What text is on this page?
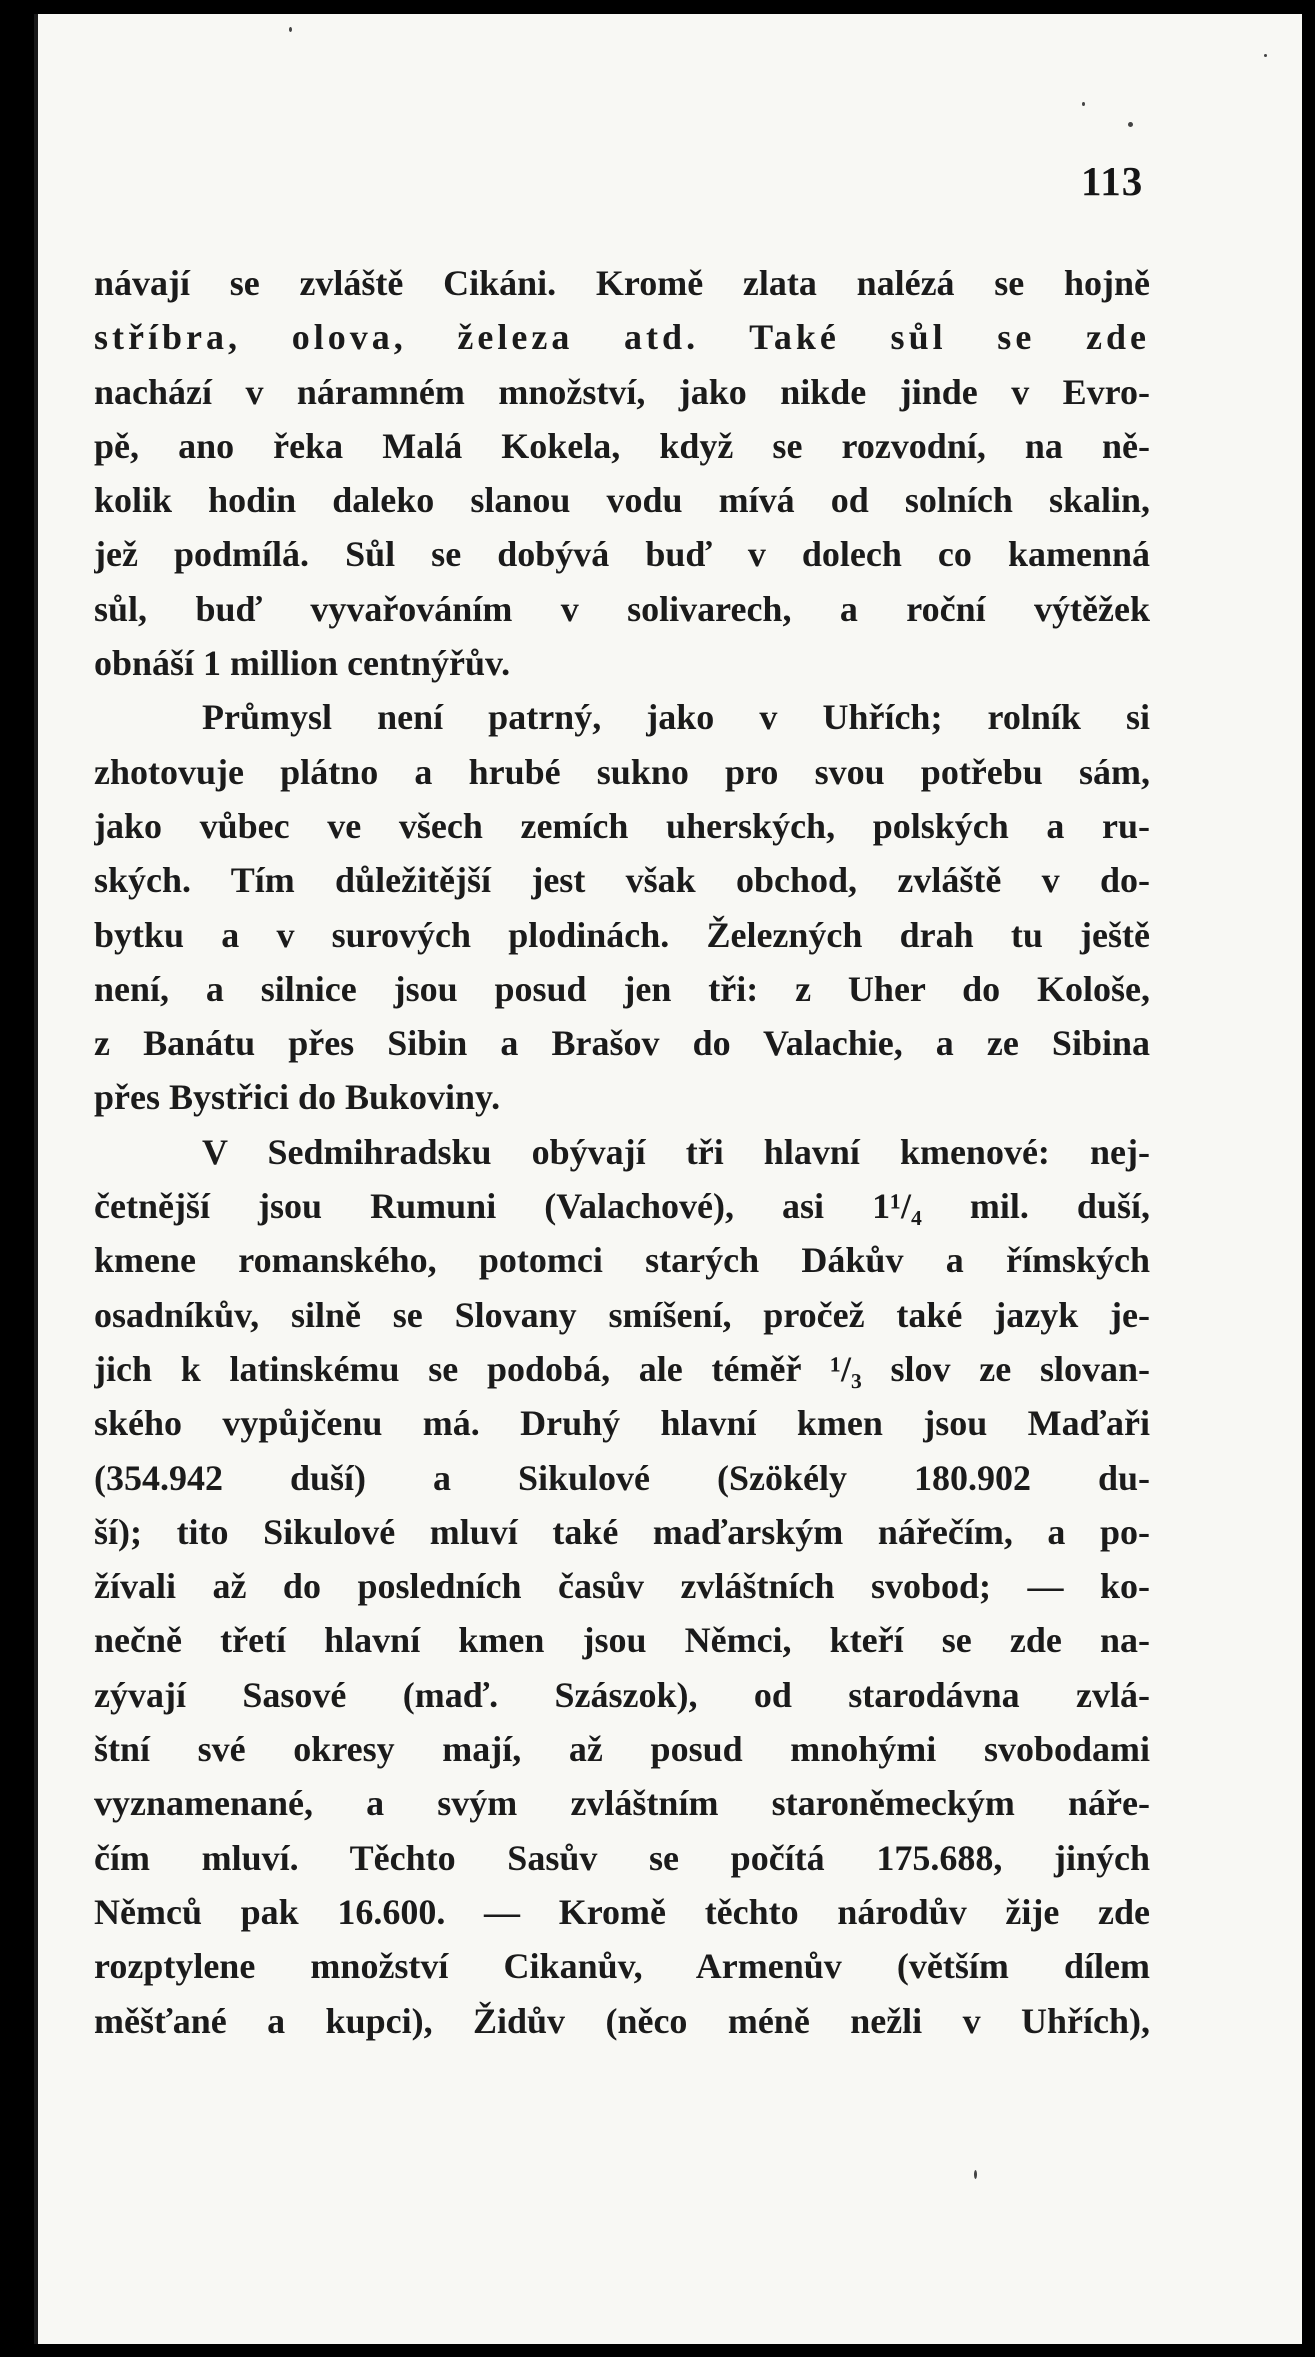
113
návají se zvláště Cikáni. Kromě zlata nalézá se hojně
stříbra, olova, železa atd. Také sůl se zde
nachází v náramném množství, jako nikde jinde v Evro-
pě, ano řeka Malá Kokela, když se rozvodní, na ně-
kolik hodin daleko slanou vodu mívá od solních skalin,
jež podmílá. Sůl se dobývá buď v dolech co kamenná
sůl, buď vyvařováním v solivarech, a roční výtěžek
obnáší 1 million centnýřův.
Průmysl není patrný, jako v Uhřích; rolník si
zhotovuje plátno a hrubé sukno pro svou potřebu sám,
jako vůbec ve všech zemích uherských, polských a ru-
ských. Tím důležitější jest však obchod, zvláště v do-
bytku a v surových plodinách. Železných drah tu ještě
není, a silnice jsou posud jen tři: z Uher do Kološe,
z Banátu přes Sibin a Brašov do Valachie, a ze Sibina
přes Bystřici do Bukoviny.
V Sedmihradsku obývají tři hlavní kmenové: nej-
četnější jsou Rumuni (Valachové), asi 1¹/₄ mil. duší,
kmene romanského, potomci starých Dákův a římských
osadníkův, silně se Slovany smíšení, pročež také jazyk je-
jich k latinskému se podobá, ale téměř ¹/₃ slov ze slovan-
ského vypůjčenu má. Druhý hlavní kmen jsou Maďaři
(354.942 duší) a Sikulové (Szökély 180.902 du-
ší); tito Sikulové mluví také maďarským nářečím, a po-
žívali až do posledních časův zvláštních svobod; — ko-
nečně třetí hlavní kmen jsou Němci, kteří se zde na-
zývají Sasové (maď. Szászok), od starodávna zvlá-
štní své okresy mají, až posud mnohými svobodami
vyznamenané, a svým zvláštním staroněmeckým náře-
čím mluví. Těchto Sasův se počítá 175.688, jiných
Němců pak 16.600. — Kromě těchto národův žije zde
rozptylene množství Cikanův, Armenův (větším dílem
měšťané a kupci), Židův (něco méně nežli v Uhřích),
